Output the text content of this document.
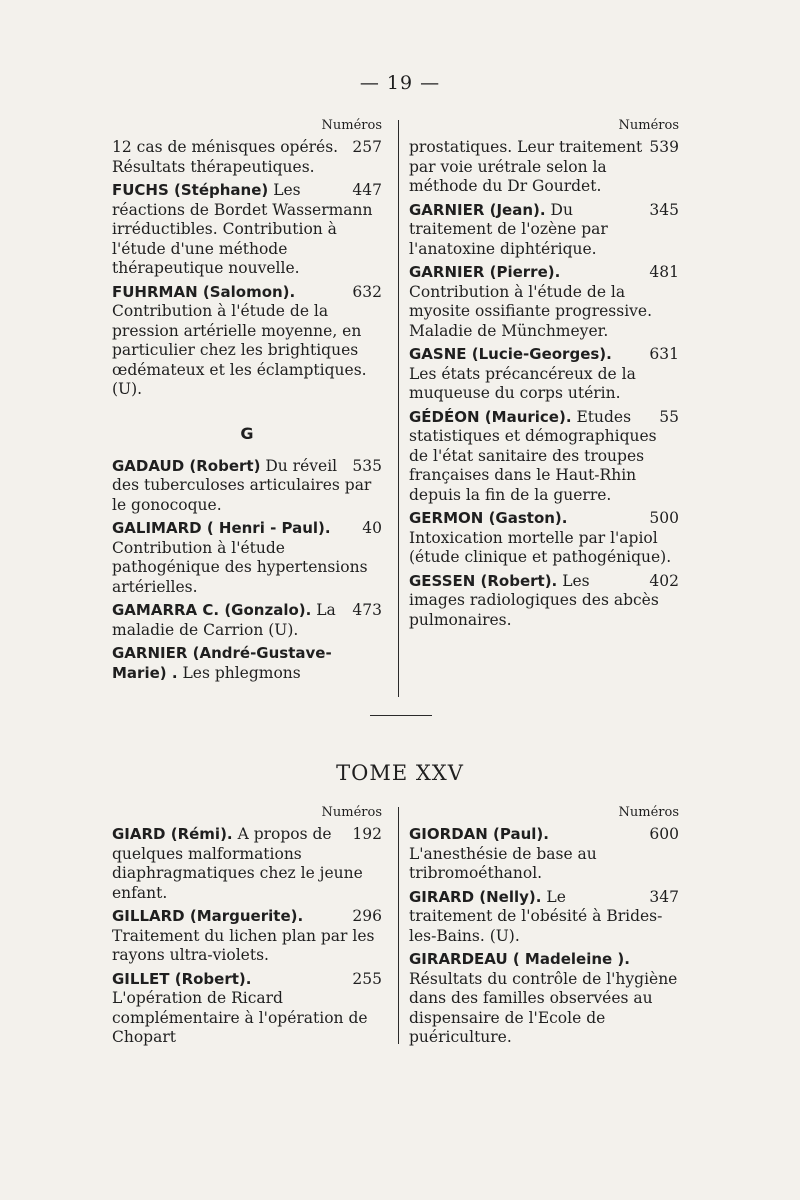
— 19 —
Numéros
257
12 cas de ménisques opérés. Résultats thérapeutiques.
447
FUCHS (Stéphane) Les réactions de Bordet Wassermann irréductibles. Contribution à l'étude d'une méthode thérapeutique nouvelle.
632
FUHRMAN (Salomon). Contribution à l'étude de la pression artérielle moyenne, en particulier chez les brightiques œdémateux et les éclamptiques. (U).
G
535
GADAUD (Robert) Du réveil des tuberculoses articulaires par le gonocoque.
40
GALIMARD ( Henri - Paul). Contribution à l'étude pathogénique des hypertensions artérielles.
473
GAMARRA C. (Gonzalo). La maladie de Carrion (U).
GARNIER (André-Gustave-Marie) . Les phlegmons
Numéros
539
prostatiques. Leur traitement par voie urétrale selon la méthode du Dr Gourdet.
345
GARNIER (Jean). Du traitement de l'ozène par l'anatoxine diphtérique.
481
GARNIER (Pierre). Contribution à l'étude de la myosite ossifiante progressive. Maladie de Münchmeyer.
631
GASNE (Lucie-Georges). Les états précancéreux de la muqueuse du corps utérin.
55
GÉDÉON (Maurice). Etudes statistiques et démographiques de l'état sanitaire des troupes françaises dans le Haut-Rhin depuis la fin de la guerre.
500
GERMON (Gaston). Intoxication mortelle par l'apiol (étude clinique et pathogénique).
402
GESSEN (Robert). Les images radiologiques des abcès pulmonaires.
TOME XXV
Numéros
192
GIARD (Rémi). A propos de quelques malformations diaphragmatiques chez le jeune enfant.
296
GILLARD (Marguerite). Traitement du lichen plan par les rayons ultra-violets.
255
GILLET (Robert). L'opération de Ricard complémentaire à l'opération de Chopart
Numéros
600
GIORDAN (Paul). L'anesthésie de base au tribromoéthanol.
347
GIRARD (Nelly). Le traitement de l'obésité à Brides-les-Bains. (U).
GIRARDEAU ( Madeleine ). Résultats du contrôle de l'hygiène dans des familles observées au dispensaire de l'Ecole de puériculture.
